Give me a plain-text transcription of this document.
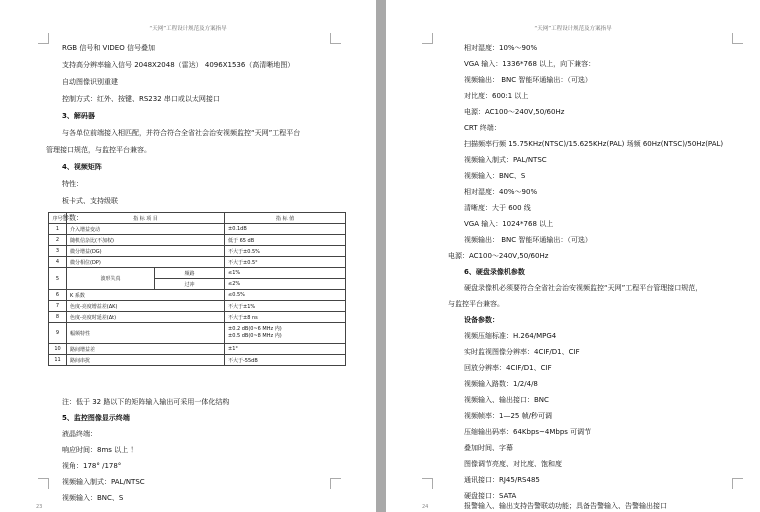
“天网”工程设计规范及方案指导
RGB 信号和 VIDEO 信号叠加
支持高分辨率输入信号 2048X2048（雷达） 4096X1536（高清晰地图）
自动图像识别重建
控制方式：红外、按键、RS232 串口或以太网接口
3、解码器
与各单位前端接入相匹配，并符合符合全省社会治安视频监控“天网”工程平台
管理接口规范，与监控平台兼容。
4、视频矩阵
特性：
板卡式、支持级联
参数：
序号	指 标 项 目		指 标 值
1	介入增益变动		±0.1dB
2	随机信杂比(不加权)		低于 65 dB
3	微分增益(DG)		不大于±0.5%
4	微分相位(DP)		不大于±0.5°
5	波形失真	频路	≤1%
		过冲	≤2%
6	K 系数		≤0.5%
7	色度-亮度增益差(ΔK)		不大于±1%
8	色度-亮度时延差(Δt)		不大于±8 ns
9	幅频特性		±0.2 dB(0~6 MHz 内)
±0.5 dB(0~8 MHz 内)

10	路间增益差		±1°
11	路间串扰		不大于-55dB
注：低于 32 路以下的矩阵输入输出可采用一体化结构
5、监控图像显示终端
液晶终端：
响应时间：8ms 以上 ！
视角：178° /178°
视频输入制式：PAL/NTSC
视频输入：BNC、S
23
“天网”工程设计规范及方案指导
相对湿度：10%～90%
VGA 输入：1336*768 以上，向下兼容：
视频输出： BNC 智能环通输出：（可选）
对比度：600:1 以上
电源：AC100～240V,50/60Hz
CRT 终端：
扫描频率行频 15.75KHz(NTSC)/15.625KHz(PAL) 场频 60Hz(NTSC)/50Hz(PAL)
视频输入制式：PAL/NTSC
视频输入：BNC、S
相对湿度：40%～90%
清晰度：大于 600 线
VGA 输入：1024*768 以上
视频输出： BNC 智能环通输出：（可选）
电源：AC100～240V,50/60Hz
6、硬盘录像机参数
硬盘录像机必须要符合全省社会治安视频监控“天网”工程平台管理接口规范，
与监控平台兼容。
设备参数：
视频压缩标准：H.264/MPG4
实时监视图像分辨率：4CIF/D1、CIF
回放分辨率：4CIF/D1、CIF
视频输入路数：1/2/4/8
视频输入、输出接口：BNC
视频帧率：1—25 帧/秒可调
压缩输出码率：64Kbps~4Mbps 可调节
叠加时间、字幕
图像调节亮度、对比度、饱和度
通讯接口：RJ45/RS485
硬盘接口：SATA
报警输入、输出支持告警联动功能；具备告警输入、告警输出接口
24
